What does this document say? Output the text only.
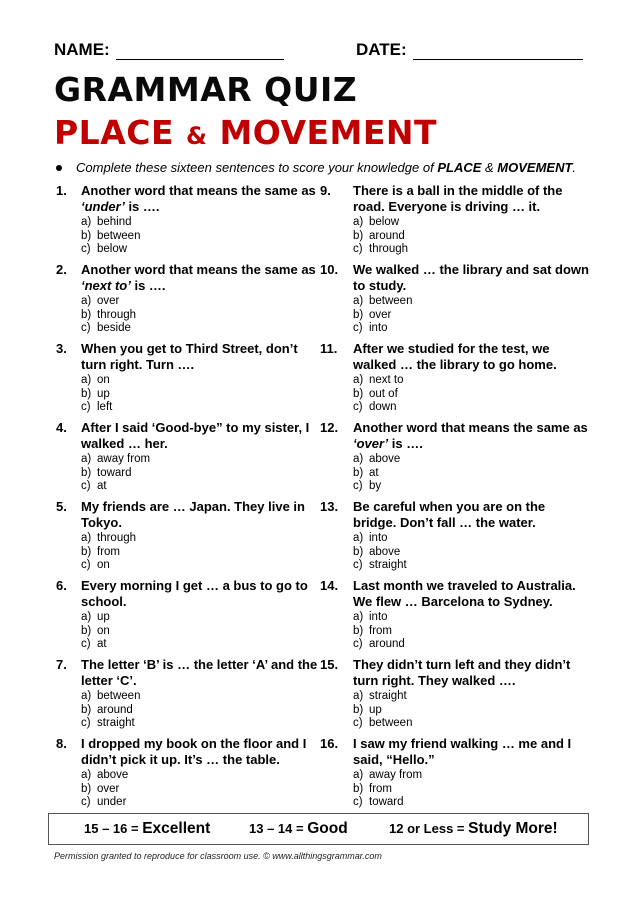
NAME:	DATE:
GRAMMAR QUIZ
PLACE & MOVEMENT
Complete these sixteen sentences to score your knowledge of PLACE & MOVEMENT.
1. Another word that means the same as ‘under’ is ….
a) behind
b) between
c) below
2. Another word that means the same as ‘next to’ is ….
a) over
b) through
c) beside
3. When you get to Third Street, don’t turn right. Turn ….
a) on
b) up
c) left
4. After I said ‘Good-bye” to my sister, I walked … her.
a) away from
b) toward
c) at
5. My friends are … Japan. They live in Tokyo.
a) through
b) from
c) on
6. Every morning I get … a bus to go to school.
a) up
b) on
c) at
7. The letter ‘B’ is … the letter ‘A’ and the letter ‘C’.
a) between
b) around
c) straight
8. I dropped my book on the floor and I didn’t pick it up. It’s … the table.
a) above
b) over
c) under
9. There is a ball in the middle of the road. Everyone is driving … it.
a) below
b) around
c) through
10. We walked … the library and sat down to study.
a) between
b) over
c) into
11. After we studied for the test, we walked … the library to go home.
a) next to
b) out of
c) down
12. Another word that means the same as ‘over’ is ….
a) above
b) at
c) by
13. Be careful when you are on the bridge. Don’t fall … the water.
a) into
b) above
c) straight
14. Last month we traveled to Australia. We flew … Barcelona to Sydney.
a) into
b) from
c) around
15. They didn’t turn left and they didn’t turn right. They walked ….
a) straight
b) up
c) between
16. I saw my friend walking … me and I said, “Hello.”
a) away from
b) from
c) toward
15 – 16 = Excellent	13 – 14 = Good	12 or Less = Study More!
Permission granted to reproduce for classroom use. © www.allthingsgrammar.com
